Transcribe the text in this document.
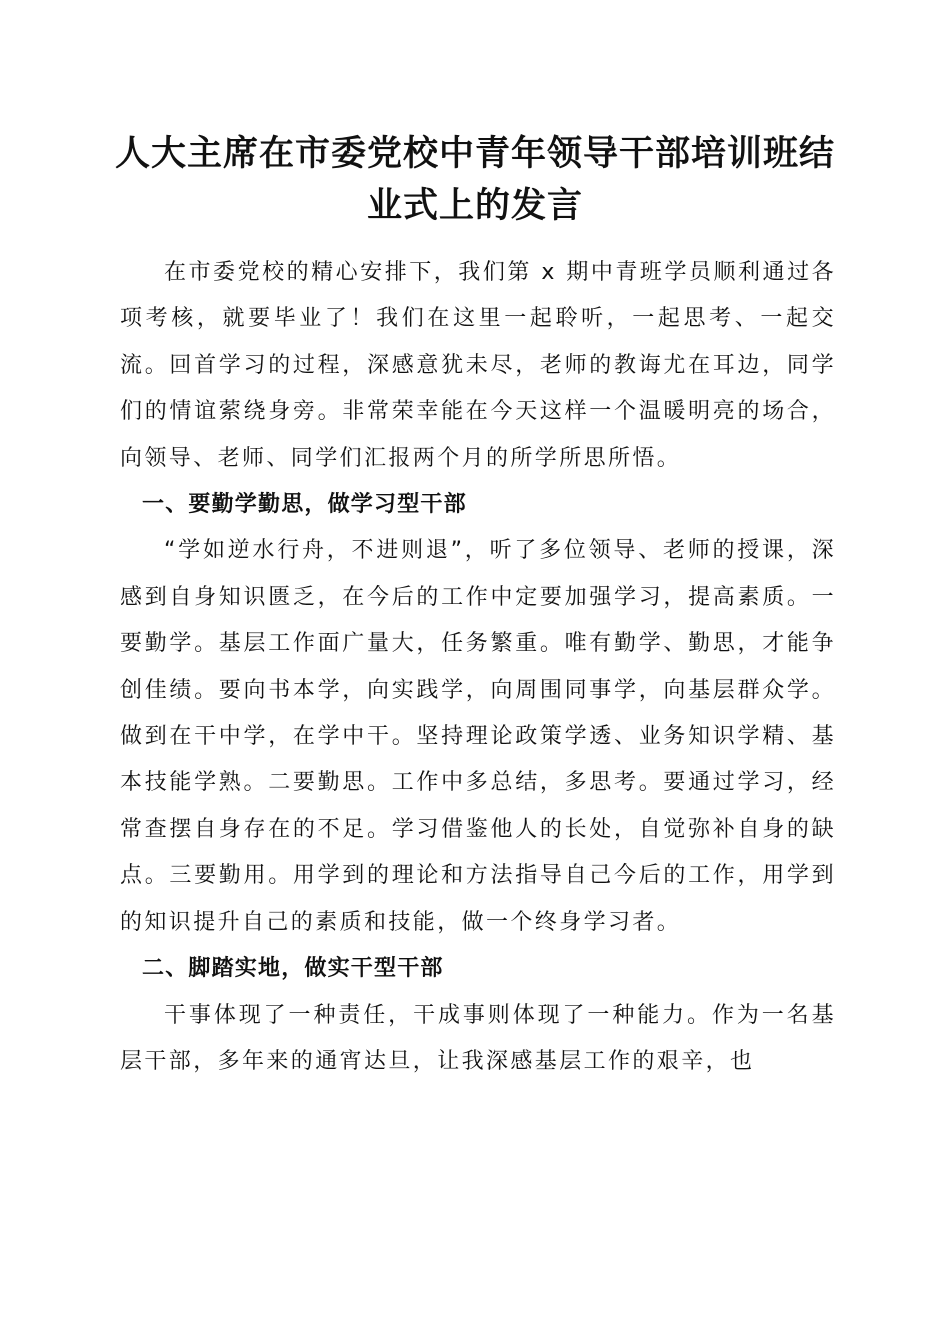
人大主席在市委党校中青年领导干部培训班结
业式上的发言

在市委党校的精心安排下，我们第 x 期中青班学员顺利通过各项考核，就要毕业了！我们在这里一起聆听，一起思考、一起交流。回首学习的过程，深感意犹未尽，老师的教诲尤在耳边，同学们的情谊萦绕身旁。非常荣幸能在今天这样一个温暖明亮的场合，向领导、老师、同学们汇报两个月的所学所思所悟。

一、要勤学勤思，做学习型干部

“学如逆水行舟，不进则退”，听了多位领导、老师的授课，深感到自身知识匮乏，在今后的工作中定要加强学习，提高素质。一要勤学。基层工作面广量大，任务繁重。唯有勤学、勤思，才能争创佳绩。要向书本学，向实践学，向周围同事学，向基层群众学。做到在干中学，在学中干。坚持理论政策学透、业务知识学精、基本技能学熟。二要勤思。工作中多总结，多思考。要通过学习，经常查摆自身存在的不足。学习借鉴他人的长处，自觉弥补自身的缺点。三要勤用。用学到的理论和方法指导自己今后的工作，用学到的知识提升自己的素质和技能，做一个终身学习者。

二、脚踏实地，做实干型干部

干事体现了一种责任，干成事则体现了一种能力。作为一名基层干部，多年来的通宵达旦，让我深感基层工作的艰辛，也
